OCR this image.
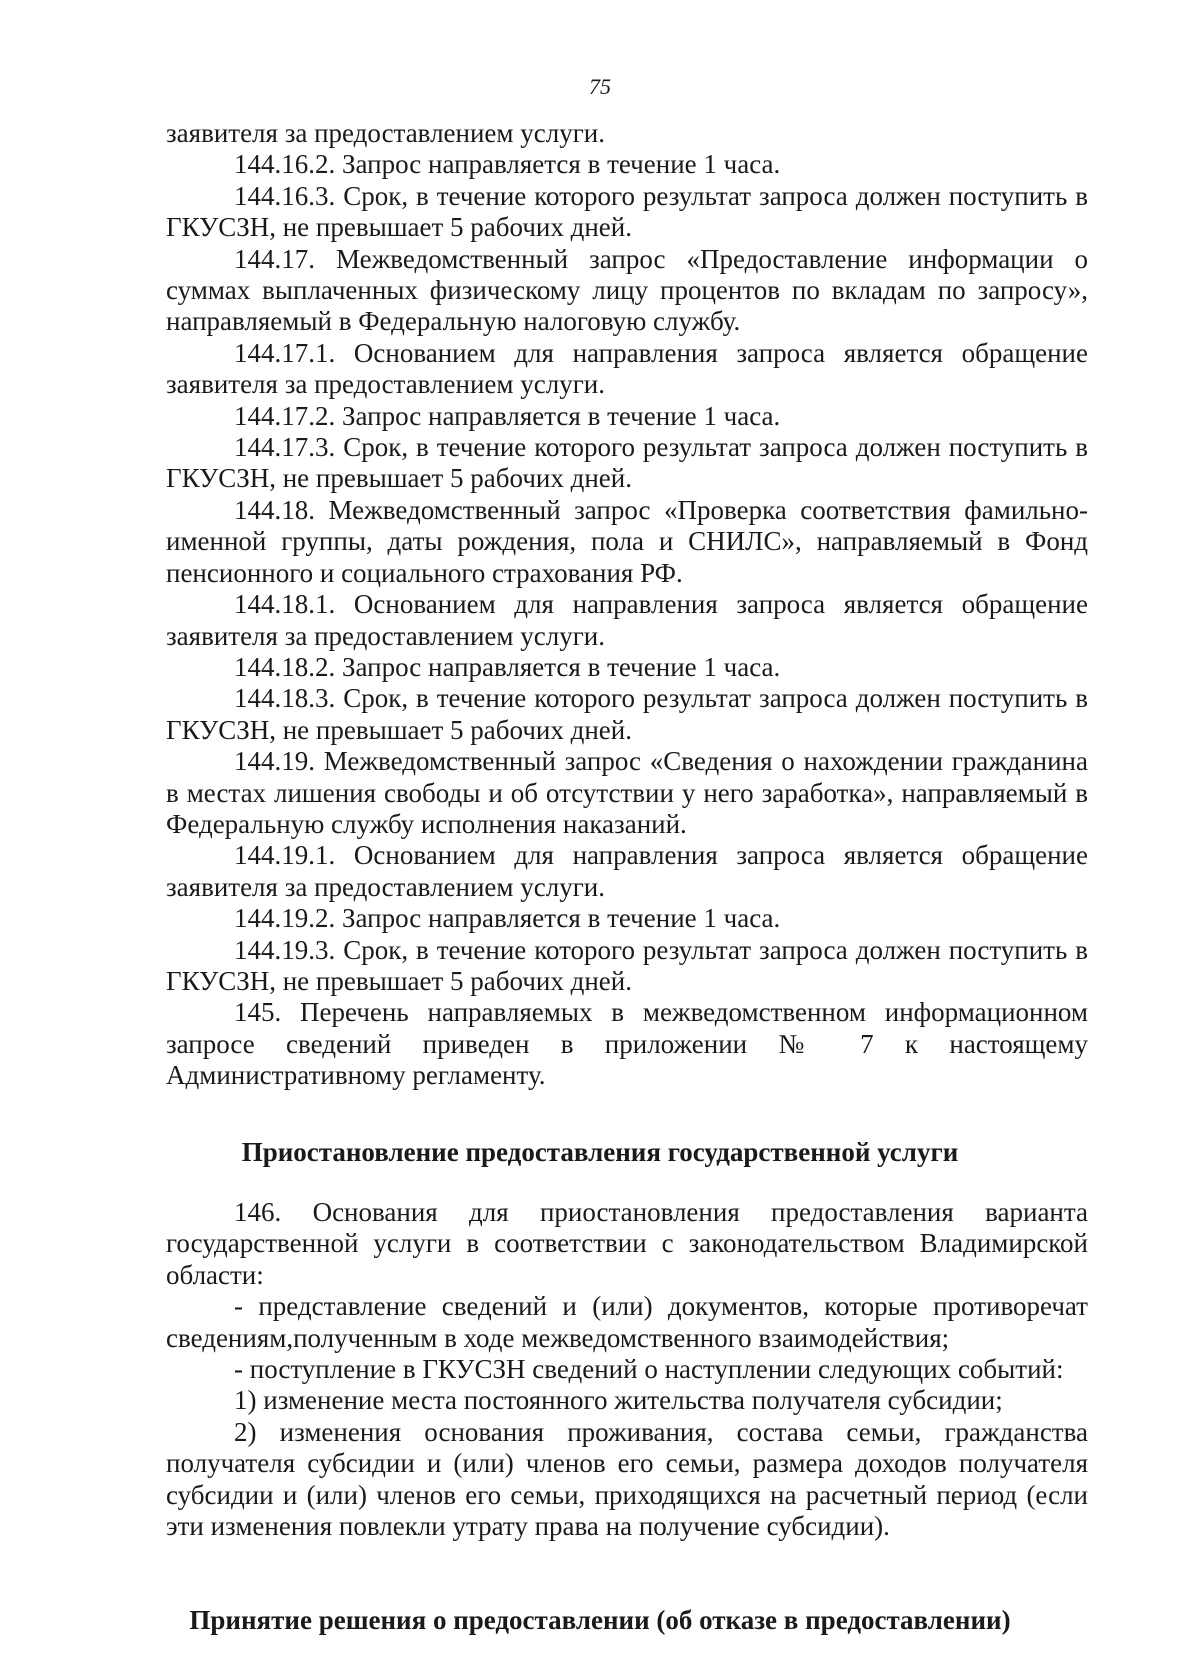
75

заявителя за предоставлением услуги.

144.16.2. Запрос направляется в течение 1 часа.

144.16.3. Срок, в течение которого результат запроса должен поступить в ГКУСЗН, не превышает 5 рабочих дней.

144.17. Межведомственный запрос «Предоставление информации о суммах выплаченных физическому лицу процентов по вкладам по запросу», направляемый в Федеральную налоговую службу.

144.17.1. Основанием для направления запроса является обращение заявителя за предоставлением услуги.

144.17.2. Запрос направляется в течение 1 часа.

144.17.3. Срок, в течение которого результат запроса должен поступить в ГКУСЗН, не превышает 5 рабочих дней.

144.18. Межведомственный запрос «Проверка соответствия фамильно-именной группы, даты рождения, пола и СНИЛС», направляемый в Фонд пенсионного и социального страхования РФ.

144.18.1. Основанием для направления запроса является обращение заявителя за предоставлением услуги.

144.18.2. Запрос направляется в течение 1 часа.

144.18.3. Срок, в течение которого результат запроса должен поступить в ГКУСЗН, не превышает 5 рабочих дней.

144.19. Межведомственный запрос «Сведения о нахождении гражданина в местах лишения свободы и об отсутствии у него заработка», направляемый в Федеральную службу исполнения наказаний.

144.19.1. Основанием для направления запроса является обращение заявителя за предоставлением услуги.

144.19.2. Запрос направляется в течение 1 часа.

144.19.3. Срок, в течение которого результат запроса должен поступить в ГКУСЗН, не превышает 5 рабочих дней.

145. Перечень направляемых в межведомственном информационном запросе сведений приведен в приложении № 7 к настоящему Административному регламенту.

Приостановление предоставления государственной услуги

146. Основания для приостановления предоставления варианта государственной услуги в соответствии с законодательством Владимирской области:

- представление сведений и (или) документов, которые противоречат сведениям,полученным в ходе межведомственного взаимодействия;

- поступление в ГКУСЗН сведений о наступлении следующих событий:

1) изменение места постоянного жительства получателя субсидии;

2) изменения основания проживания, состава семьи, гражданства получателя субсидии и (или) членов его семьи, размера доходов получателя субсидии и (или) членов его семьи, приходящихся на расчетный период (если эти изменения повлекли утрату права на получение субсидии).

Принятие решения о предоставлении (об отказе в предоставлении)
